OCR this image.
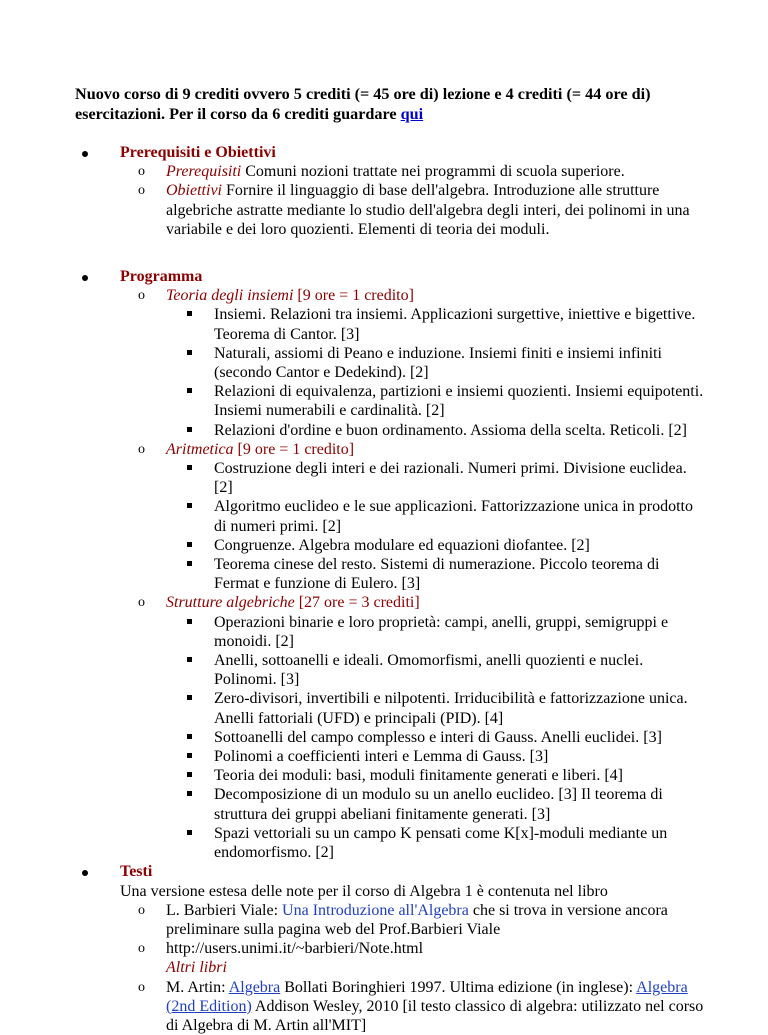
Nuovo corso di 9 crediti ovvero 5 crediti (= 45 ore di) lezione e 4 crediti (= 44 ore di) esercitazioni. Per il corso da 6 crediti guardare qui
Prerequisiti e Obiettivi
o Prerequisiti Comuni nozioni trattate nei programmi di scuola superiore.
o Obiettivi Fornire il linguaggio di base dell'algebra. Introduzione alle strutture algebriche astratte mediante lo studio dell'algebra degli interi, dei polinomi in una variabile e dei loro quozienti. Elementi di teoria dei moduli.
Programma
o Teoria degli insiemi [9 ore = 1 credito]
Insiemi. Relazioni tra insiemi. Applicazioni surgettive, iniettive e bigettive. Teorema di Cantor. [3]
Naturali, assiomi di Peano e induzione. Insiemi finiti e insiemi infiniti (secondo Cantor e Dedekind). [2]
Relazioni di equivalenza, partizioni e insiemi quozienti. Insiemi equipotenti. Insiemi numerabili e cardinalità. [2]
Relazioni d'ordine e buon ordinamento. Assioma della scelta. Reticoli. [2]
o Aritmetica [9 ore = 1 credito]
Costruzione degli interi e dei razionali. Numeri primi. Divisione euclidea. [2]
Algoritmo euclideo e le sue applicazioni. Fattorizzazione unica in prodotto di numeri primi. [2]
Congruenze. Algebra modulare ed equazioni diofantee. [2]
Teorema cinese del resto. Sistemi di numerazione. Piccolo teorema di Fermat e funzione di Eulero. [3]
o Strutture algebriche [27 ore = 3 crediti]
Operazioni binarie e loro proprietà: campi, anelli, gruppi, semigruppi e monoidi. [2]
Anelli, sottoanelli e ideali. Omomorfismi, anelli quozienti e nuclei. Polinomi. [3]
Zero-divisori, invertibili e nilpotenti. Irriducibilità e fattorizzazione unica. Anelli fattoriali (UFD) e principali (PID). [4]
Sottoanelli del campo complesso e interi di Gauss. Anelli euclidei. [3]
Polinomi a coefficienti interi e Lemma di Gauss. [3]
Teoria dei moduli: basi, moduli finitamente generati e liberi. [4]
Decomposizione di un modulo su un anello euclideo. [3] Il teorema di struttura dei gruppi abeliani finitamente generati. [3]
Spazi vettoriali su un campo K pensati come K[x]-moduli mediante un endomorfismo. [2]
Testi
Una versione estesa delle note per il corso di Algebra 1 è contenuta nel libro
o L. Barbieri Viale: Una Introduzione all'Algebra che si trova in versione ancora preliminare sulla pagina web del Prof.Barbieri Viale
o http://users.unimi.it/~barbieri/Note.html
Altri libri
o M. Artin: Algebra Bollati Boringhieri 1997. Ultima edizione (in inglese): Algebra (2nd Edition) Addison Wesley, 2010 [il testo classico di algebra: utilizzato nel corso di Algebra di M. Artin all'MIT]
